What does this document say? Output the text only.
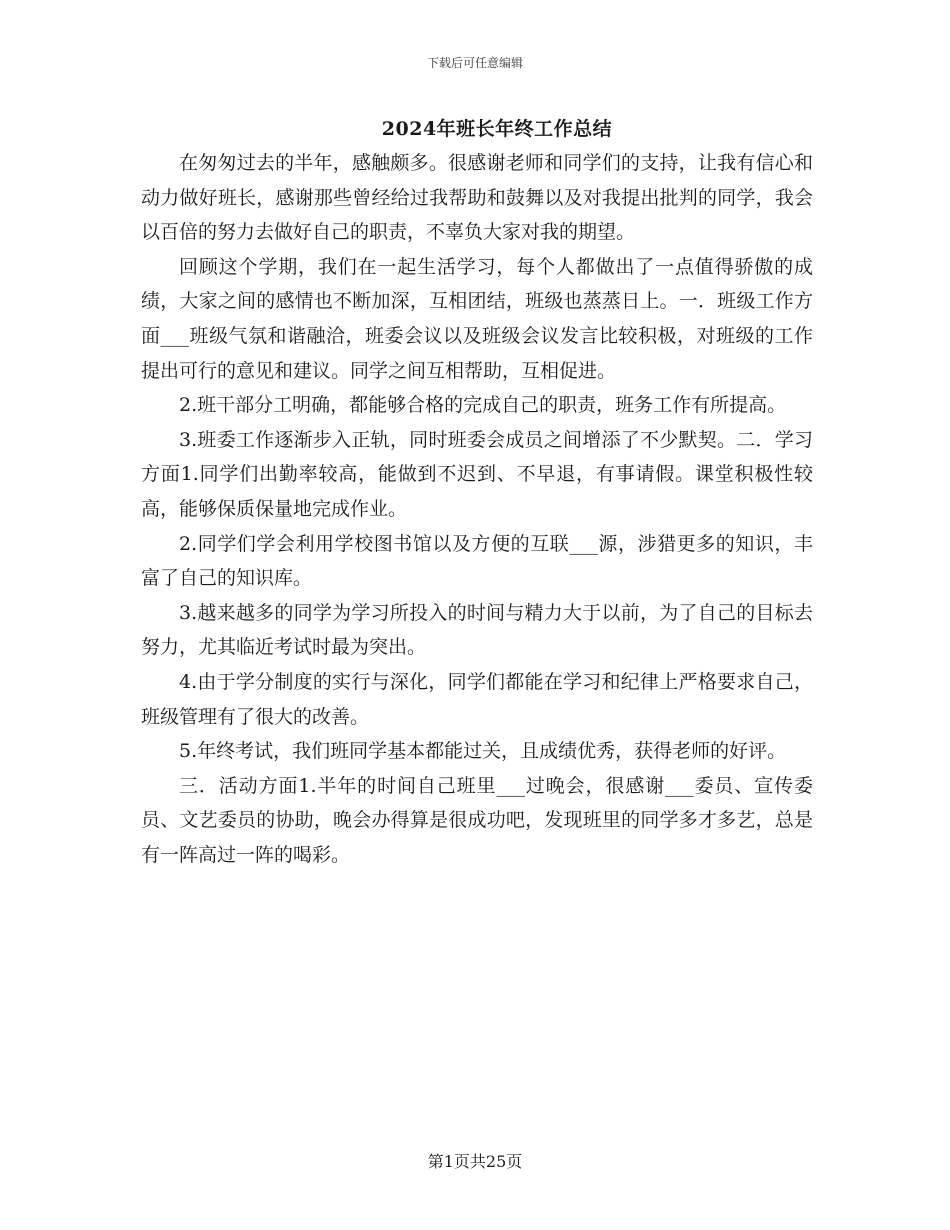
下载后可任意编辑
2024年班长年终工作总结

在匆匆过去的半年，感触颇多。很感谢老师和同学们的支持，让我有信心和动力做好班长，感谢那些曾经给过我帮助和鼓舞以及对我提出批判的同学，我会以百倍的努力去做好自己的职责，不辜负大家对我的期望。

回顾这个学期，我们在一起生活学习，每个人都做出了一点值得骄傲的成绩，大家之间的感情也不断加深，互相团结，班级也蒸蒸日上。一．班级工作方面___班级气氛和谐融洽，班委会议以及班级会议发言比较积极，对班级的工作提出可行的意见和建议。同学之间互相帮助，互相促进。

2.班干部分工明确，都能够合格的完成自己的职责，班务工作有所提高。

3.班委工作逐渐步入正轨，同时班委会成员之间增添了不少默契。二．学习方面1.同学们出勤率较高，能做到不迟到、不早退，有事请假。课堂积极性较高，能够保质保量地完成作业。

2.同学们学会利用学校图书馆以及方便的互联___源，涉猎更多的知识，丰富了自己的知识库。

3.越来越多的同学为学习所投入的时间与精力大于以前，为了自己的目标去努力，尤其临近考试时最为突出。

4.由于学分制度的实行与深化，同学们都能在学习和纪律上严格要求自己，班级管理有了很大的改善。

5.年终考试，我们班同学基本都能过关，且成绩优秀，获得老师的好评。

三．活动方面1.半年的时间自己班里___过晚会，很感谢___委员、宣传委员、文艺委员的协助，晚会办得算是很成功吧，发现班里的同学多才多艺，总是有一阵高过一阵的喝彩。

第1页共25页
